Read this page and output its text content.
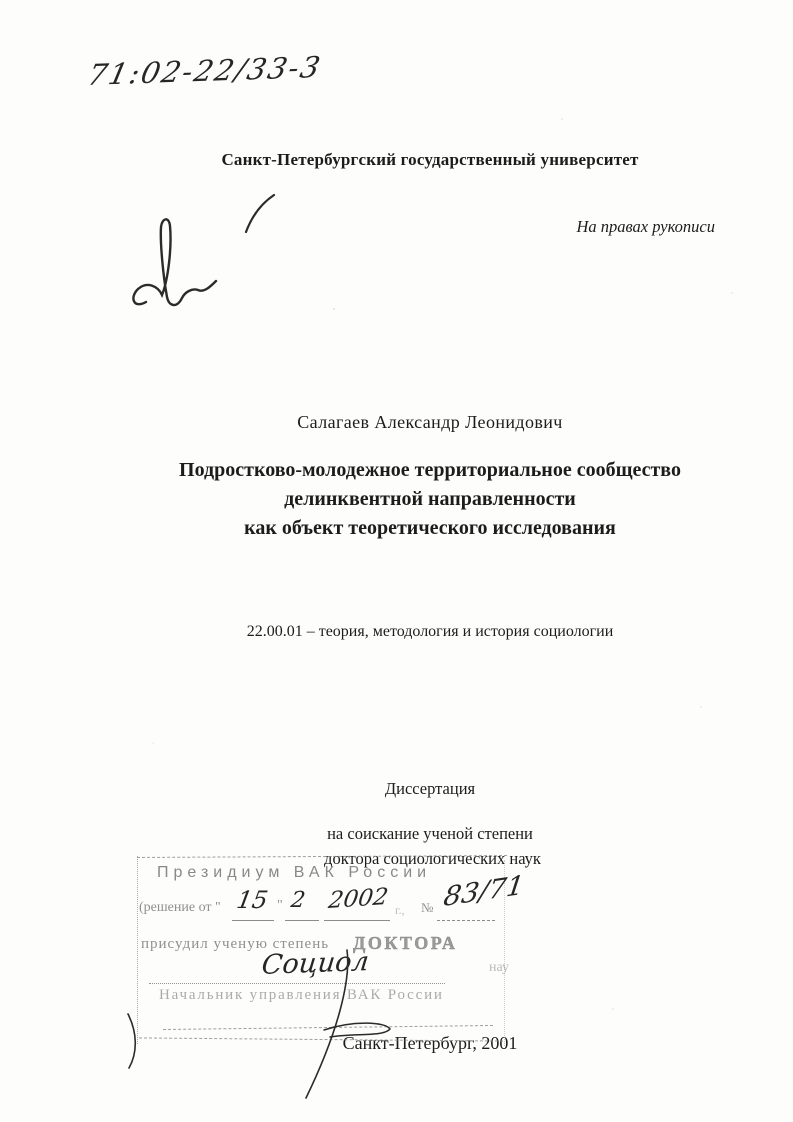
71:02-22/33-3
Санкт-Петербургский государственный университет
На правах рукописи
Салагаев Александр Леонидович
Подростково-молодежное территориальное сообщество
делинквентной направленности
как объект теоретического исследования
22.00.01 – теория, методология и история социологии
Диссертация
на соискание ученой степени
доктора социологических наук
Президиум ВАК России
(решение от " 15 " 2 2002 г., № 83/71
присудил ученую степень ДОКТОРА
Социол	нау
Начальник управления ВАК России
Санкт-Петербург, 2001
